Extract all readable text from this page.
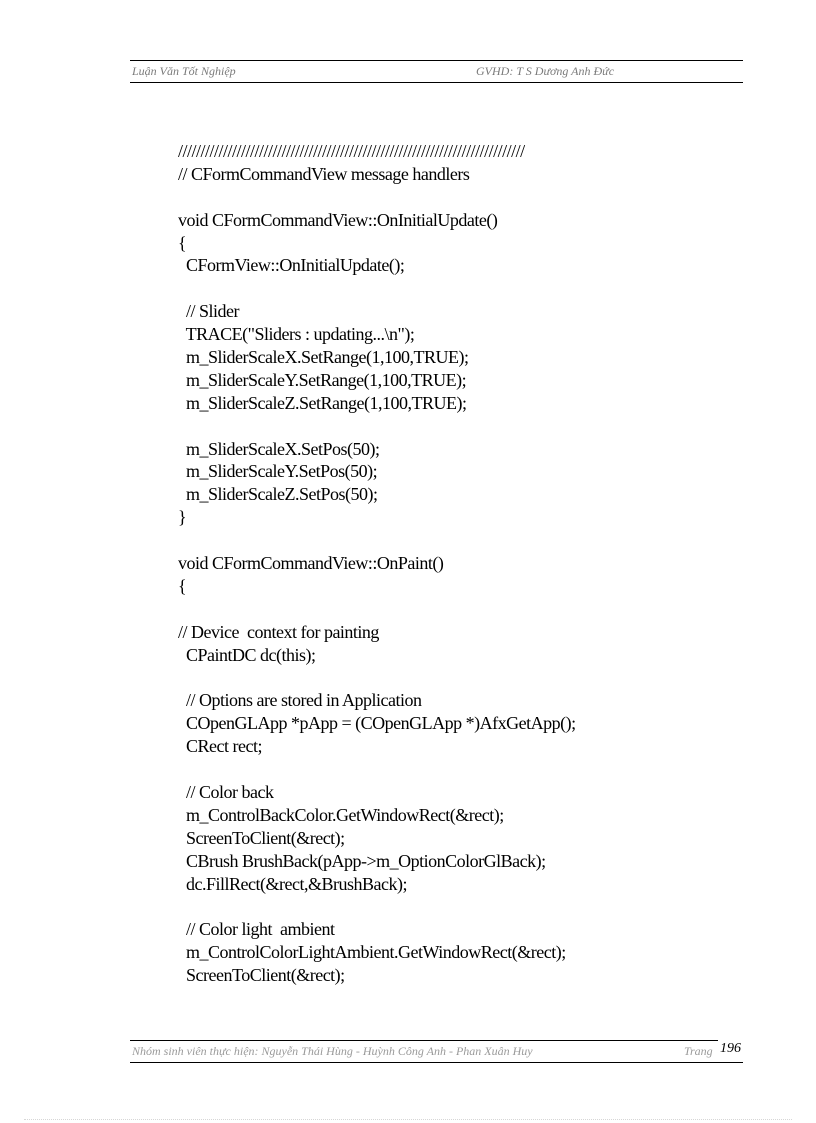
Luận Văn Tốt Nghiệp	GVHD: T S Dương Anh Đức
/////////////////////////////////////////////////////////////////////////////
// CFormCommandView message handlers
void CFormCommandView::OnInitialUpdate()
{
CFormView::OnInitialUpdate();
// Slider
TRACE("Sliders : updating...\n");
m_SliderScaleX.SetRange(1,100,TRUE);
m_SliderScaleY.SetRange(1,100,TRUE);
m_SliderScaleZ.SetRange(1,100,TRUE);
m_SliderScaleX.SetPos(50);
m_SliderScaleY.SetPos(50);
m_SliderScaleZ.SetPos(50);
}
void CFormCommandView::OnPaint()
{
// Device  context for painting
CPaintDC dc(this);
// Options are stored in Application
COpenGLApp *pApp = (COpenGLApp *)AfxGetApp();
CRect rect;
// Color back
m_ControlBackColor.GetWindowRect(&rect);
ScreenToClient(&rect);
CBrush BrushBack(pApp->m_OptionColorGlBack);
dc.FillRect(&rect,&BrushBack);
// Color light  ambient
m_ControlColorLightAmbient.GetWindowRect(&rect);
ScreenToClient(&rect);
Nhóm sinh viên thực hiện: Nguyễn Thái Hùng - Huỳnh Công Anh - Phan Xuân Huy	Trang 196
